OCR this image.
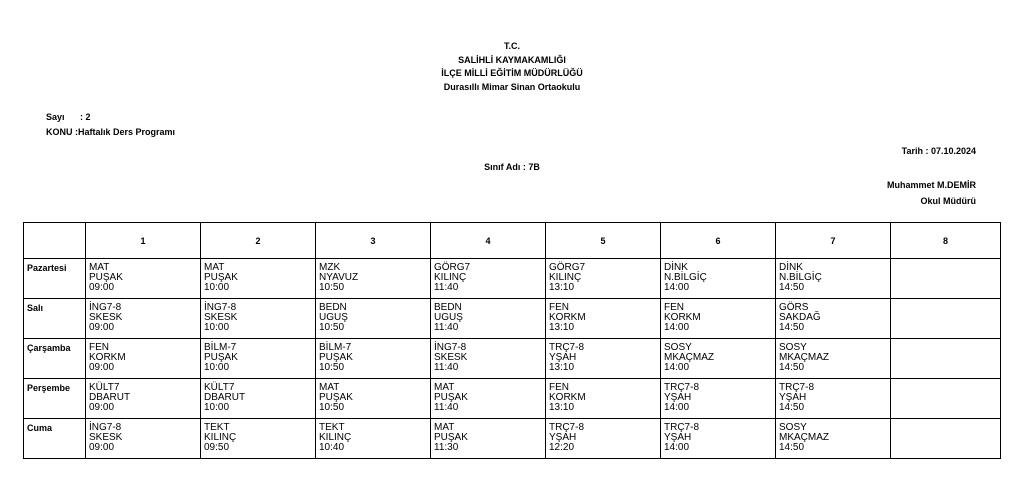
T.C.
SALİHLİ KAYMAKAMLIĞI
İLÇE MİLLİ EĞİTİM MÜDÜRLÜĞÜ
Durasıllı Mimar Sinan Ortaokulu
Sayı : 2
KONU :Haftalık Ders Programı
Tarih : 07.10.2024
Sınıf Adı : 7B
Muhammet M.DEMİR
Okul Müdürü
	1	2	3	4	5	6	7	8
Pazartesi	MAT
PUŞAK
09:00	MAT
PUŞAK
10:00	MZK
NYAVUZ
10:50	GÖRG7
KILINÇ
11:40	GÖRG7
KILINÇ
13:10	DİNK
N.BİLGİÇ
14:00	DİNK
N.BİLGİÇ
14:50	

Salı	İNG7-8
SKESK
09:00	İNG7-8
SKESK
10:00	BEDN
UGUŞ
10:50	BEDN
UGUŞ
11:40	FEN
KORKM
13:10	FEN
KORKM
14:00	GÖRS
SAKDAĞ
14:50	

Çarşamba	FEN
KORKM
09:00	BİLM-7
PUŞAK
10:00	BİLM-7
PUŞAK
10:50	İNG7-8
SKESK
11:40	TRÇ7-8
YŞAH
13:10	SOSY
MKAÇMAZ
14:00	SOSY
MKAÇMAZ
14:50	

Perşembe	KÜLT7
DBARUT
09:00	KÜLT7
DBARUT
10:00	MAT
PUŞAK
10:50	MAT
PUŞAK
11:40	FEN
KORKM
13:10	TRÇ7-8
YŞAH
14:00	TRÇ7-8
YŞAH
14:50	

Cuma	İNG7-8
SKESK
09:00	TEKT
KILINÇ
09:50	TEKT
KILINÇ
10:40	MAT
PUŞAK
11:30	TRÇ7-8
YŞAH
12:20	TRÇ7-8
YŞAH
14:00	SOSY
MKAÇMAZ
14:50	
